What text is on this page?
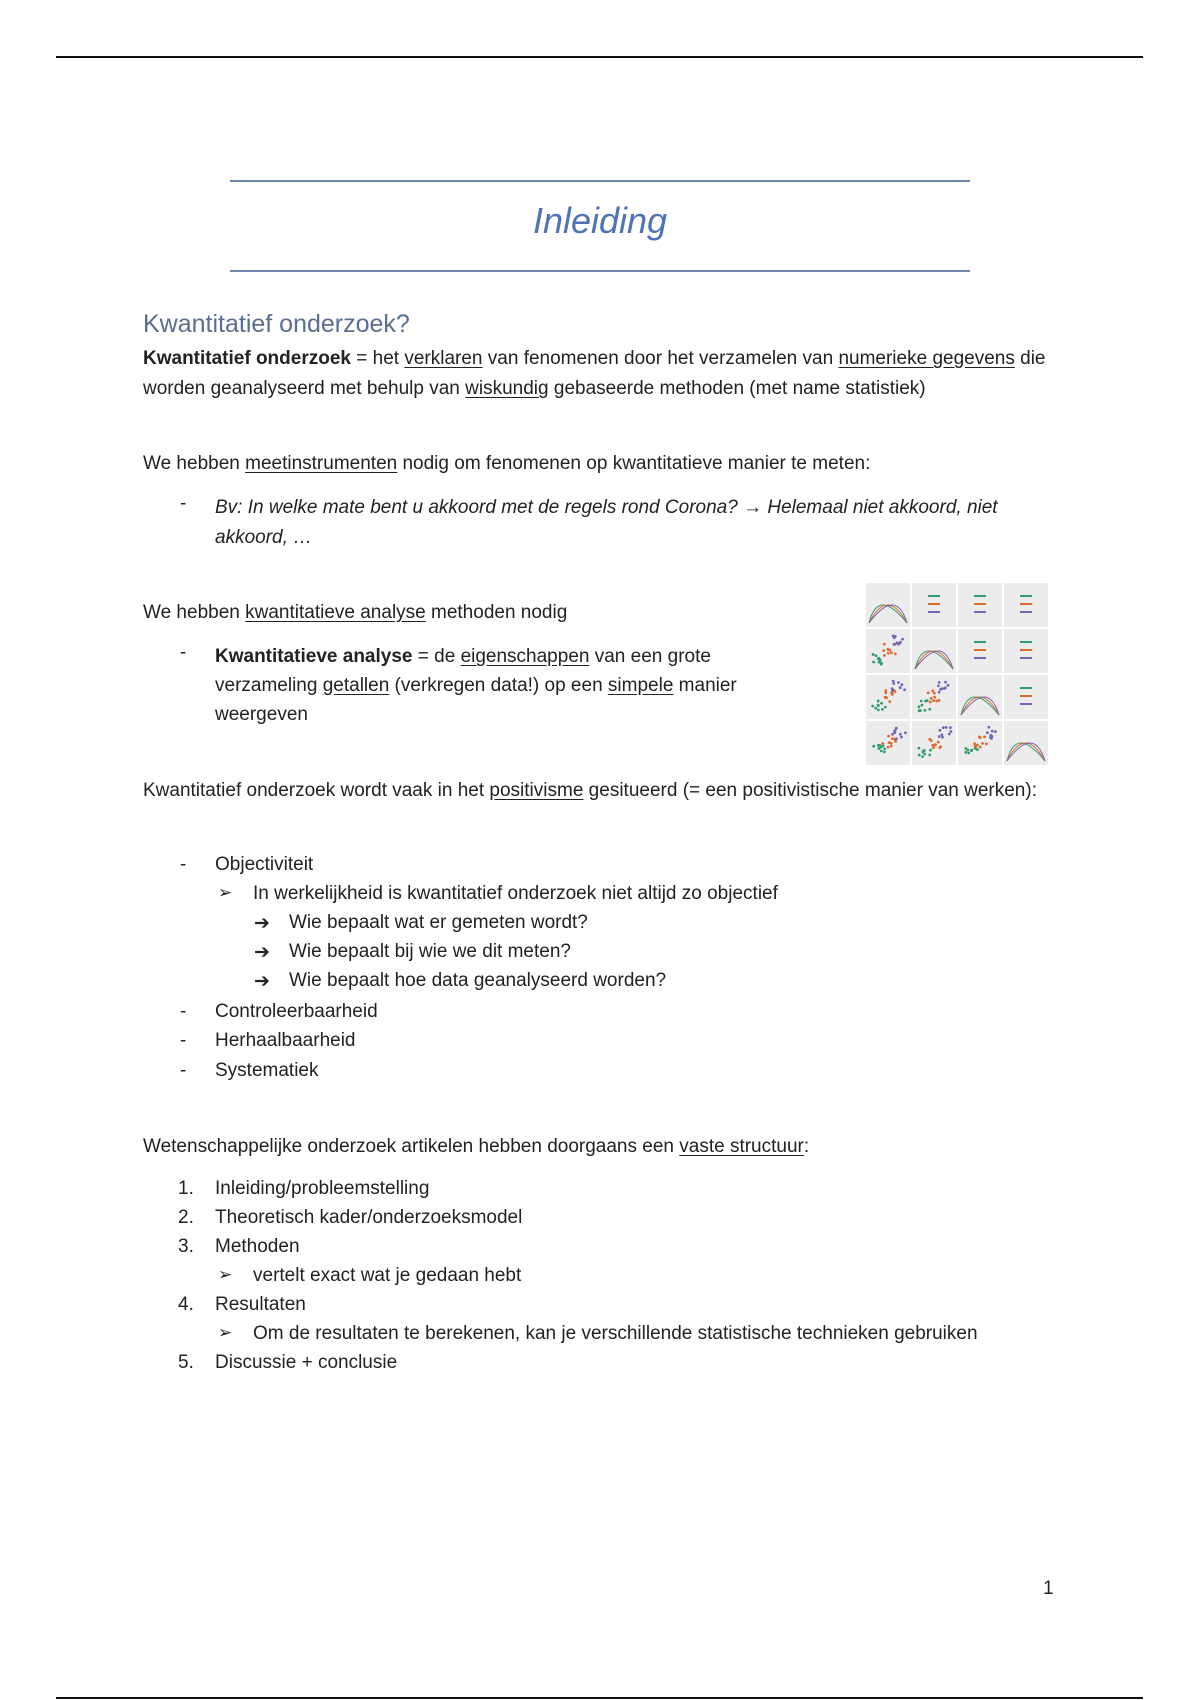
Inleiding
Kwantitatief onderzoek?
Kwantitatief onderzoek = het verklaren van fenomenen door het verzamelen van numerieke gegevens die worden geanalyseerd met behulp van wiskundig gebaseerde methoden (met name statistiek)
We hebben meetinstrumenten nodig om fenomenen op kwantitatieve manier te meten:
- Bv: In welke mate bent u akkoord met de regels rond Corona? → Helemaal niet akkoord, niet akkoord, …
We hebben kwantitatieve analyse methoden nodig
- Kwantitatieve analyse = de eigenschappen van een grote verzameling getallen (verkregen data!) op een simpele manier weergeven
Kwantitatief onderzoek wordt vaak in het positivisme gesitueerd (= een positivistische manier van werken):
- Objectiviteit
➢ In werkelijkheid is kwantitatief onderzoek niet altijd zo objectief
➔ Wie bepaalt wat er gemeten wordt?
➔ Wie bepaalt bij wie we dit meten?
➔ Wie bepaalt hoe data geanalyseerd worden?
- Controleerbaarheid
- Herhaalbaarheid
- Systematiek
Wetenschappelijke onderzoek artikelen hebben doorgaans een vaste structuur:
1. Inleiding/probleemstelling
2. Theoretisch kader/onderzoeksmodel
3. Methoden
➢ vertelt exact wat je gedaan hebt
4. Resultaten
➢ Om de resultaten te berekenen, kan je verschillende statistische technieken gebruiken
5. Discussie + conclusie
1
